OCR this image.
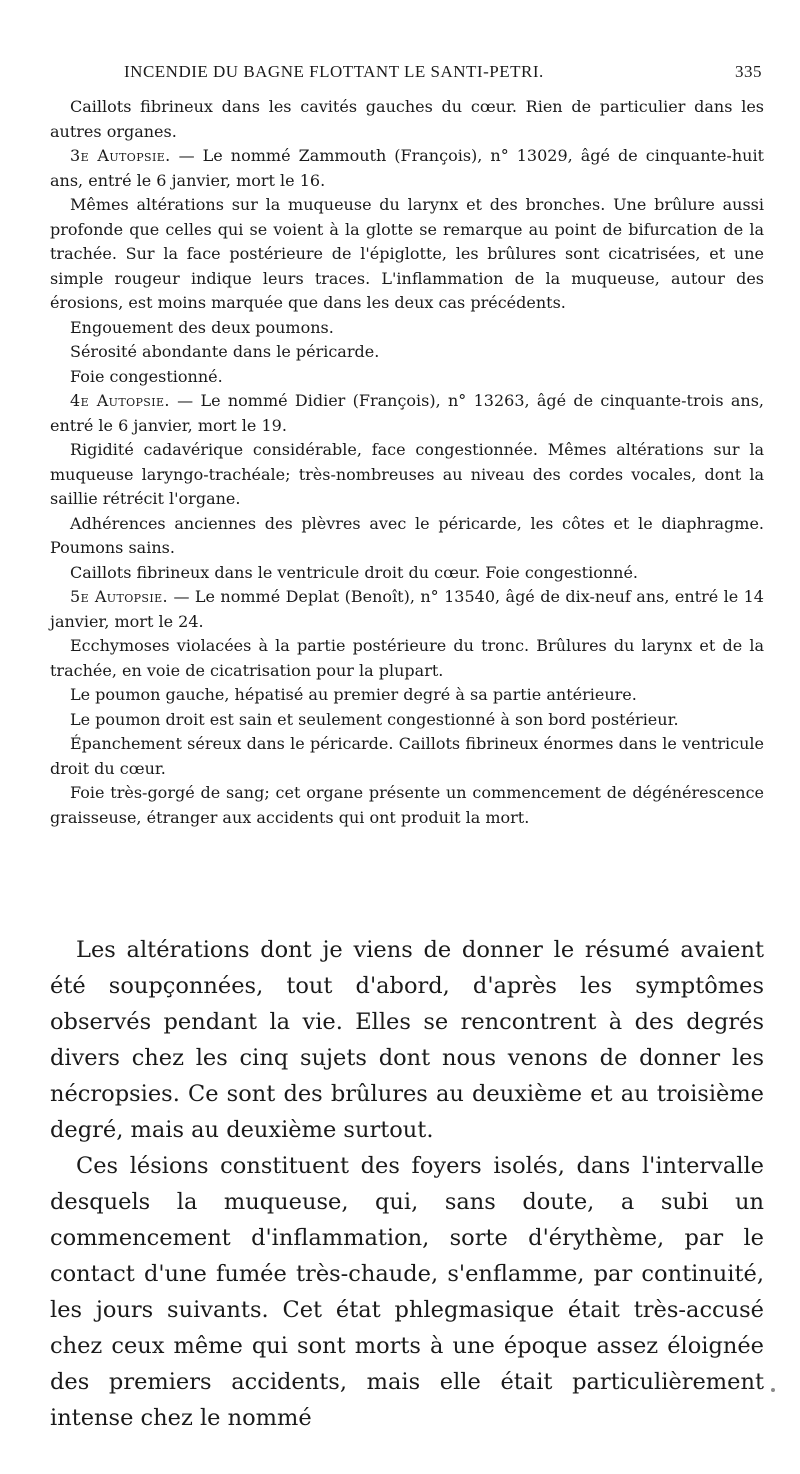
INCENDIE DU BAGNE FLOTTANT LE SANTI-PETRI.	335

Caillots fibrineux dans les cavités gauches du cœur. Rien de particulier dans les autres organes.

3e Autopsie. — Le nommé Zammouth (François), n° 13029, âgé de cinquante-huit ans, entré le 6 janvier, mort le 16.

Mêmes altérations sur la muqueuse du larynx et des bronches. Une brûlure aussi profonde que celles qui se voient à la glotte se remarque au point de bifurcation de la trachée. Sur la face postérieure de l'épiglotte, les brûlures sont cicatrisées, et une simple rougeur indique leurs traces. L'inflammation de la muqueuse, autour des érosions, est moins marquée que dans les deux cas précédents.

Engouement des deux poumons.

Sérosité abondante dans le péricarde.

Foie congestionné.

4e Autopsie. — Le nommé Didier (François), n° 13263, âgé de cinquante-trois ans, entré le 6 janvier, mort le 19.

Rigidité cadavérique considérable, face congestionnée. Mêmes altérations sur la muqueuse laryngo-trachéale; très-nombreuses au niveau des cordes vocales, dont la saillie rétrécit l'organe.

Adhérences anciennes des plèvres avec le péricarde, les côtes et le diaphragme. Poumons sains.

Caillots fibrineux dans le ventricule droit du cœur. Foie congestionné.

5e Autopsie. — Le nommé Deplat (Benoît), n° 13540, âgé de dix-neuf ans, entré le 14 janvier, mort le 24.

Ecchymoses violacées à la partie postérieure du tronc. Brûlures du larynx et de la trachée, en voie de cicatrisation pour la plupart.

Le poumon gauche, hépatisé au premier degré à sa partie antérieure.

Le poumon droit est sain et seulement congestionné à son bord postérieur.

Épanchement séreux dans le péricarde. Caillots fibrineux énormes dans le ventricule droit du cœur.

Foie très-gorgé de sang; cet organe présente un commencement de dégénérescence graisseuse, étranger aux accidents qui ont produit la mort.

Les altérations dont je viens de donner le résumé avaient été soupçonnées, tout d'abord, d'après les symptômes observés pendant la vie. Elles se rencontrent à des degrés divers chez les cinq sujets dont nous venons de donner les nécropsies. Ce sont des brûlures au deuxième et au troisième degré, mais au deuxième surtout.

Ces lésions constituent des foyers isolés, dans l'intervalle desquels la muqueuse, qui, sans doute, a subi un commencement d'inflammation, sorte d'érythème, par le contact d'une fumée très-chaude, s'enflamme, par continuité, les jours suivants. Cet état phlegmasique était très-accusé chez ceux même qui sont morts à une époque assez éloignée des premiers accidents, mais elle était particulièrement intense chez le nommé
